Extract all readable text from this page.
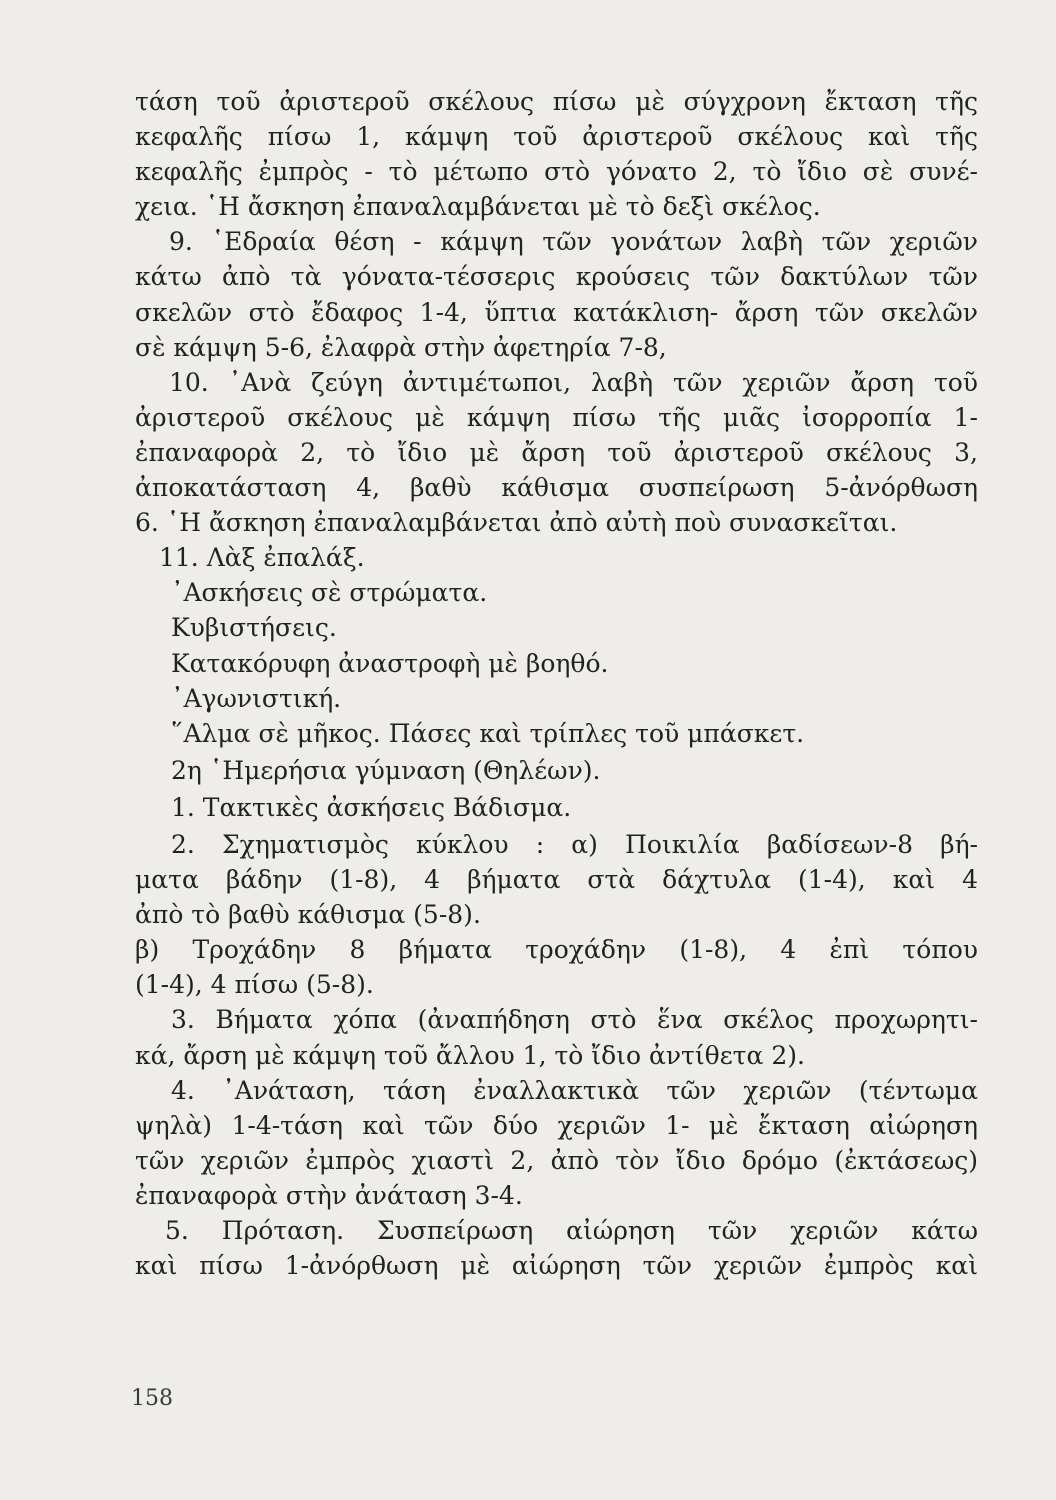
τάση τοῦ ἀριστεροῦ σκέλους πίσω μὲ σύγχρονη ἔκταση τῆς
κεφαλῆς πίσω 1, κάμψη τοῦ ἀριστεροῦ σκέλους καὶ τῆς
κεφαλῆς ἐμπρὸς - τὸ μέτωπο στὸ γόνατο 2, τὸ ἴδιο σὲ συνέ-
χεια. ῾Η ἄσκηση ἐπαναλαμβάνεται μὲ τὸ δεξὶ σκέλος.
9. ῾Εδραία θέση - κάμψη τῶν γονάτων λαβὴ τῶν χεριῶν
κάτω ἀπὸ τὰ γόνατα-τέσσερις κρούσεις τῶν δακτύλων τῶν
σκελῶν στὸ ἔδαφος 1-4, ὕπτια κατάκλιση- ἄρση τῶν σκελῶν
σὲ κάμψη 5-6, ἐλαφρὰ στὴν ἀφετηρία 7-8,
10. ᾿Ανὰ ζεύγη ἀντιμέτωποι, λαβὴ τῶν χεριῶν ἄρση τοῦ
ἀριστεροῦ σκέλους μὲ κάμψη πίσω τῆς μιᾶς ἰσορροπία 1-
ἐπαναφορὰ 2, τὸ ἴδιο μὲ ἄρση τοῦ ἀριστεροῦ σκέλους 3,
ἀποκατάσταση 4, βαθὺ κάθισμα συσπείρωση 5-ἀνόρθωση
6. ῾Η ἄσκηση ἐπαναλαμβάνεται ἀπὸ αὐτὴ ποὺ συνασκεῖται.
11. Λὰξ ἐπαλάξ.
᾿Ασκήσεις σὲ στρώματα.
Κυβιστήσεις.
Κατακόρυφη ἀναστροφὴ μὲ βοηθό.
᾿Αγωνιστική.
῞Αλμα σὲ μῆκος. Πάσες καὶ τρίπλες τοῦ μπάσκετ.
2η ῾Ημερήσια γύμναση (Θηλέων).
1. Τακτικὲς ἀσκήσεις Βάδισμα.
2. Σχηματισμὸς κύκλου : α) Ποικιλία βαδίσεων-8 βή-
ματα βάδην (1-8), 4 βήματα στὰ δάχτυλα (1-4), καὶ 4
ἀπὸ τὸ βαθὺ κάθισμα (5-8).
β) Τροχάδην 8 βήματα τροχάδην (1-8), 4 ἐπὶ τόπου
(1-4), 4 πίσω (5-8).
3. Βήματα χόπα (ἀναπήδηση στὸ ἕνα σκέλος προχωρητι-
κά, ἄρση μὲ κάμψη τοῦ ἄλλου 1, τὸ ἴδιο ἀντίθετα 2).
4. ᾿Ανάταση, τάση ἐναλλακτικὰ τῶν χεριῶν (τέντωμα
ψηλὰ) 1-4-τάση καὶ τῶν δύο χεριῶν 1- μὲ ἔκταση αἰώρηση
τῶν χεριῶν ἐμπρὸς χιαστὶ 2, ἀπὸ τὸν ἴδιο δρόμο (ἐκτάσεως)
ἐπαναφορὰ στὴν ἀνάταση 3-4.
5. Πρόταση. Συσπείρωση αἰώρηση τῶν χεριῶν κάτω
καὶ πίσω 1-ἀνόρθωση μὲ αἰώρηση τῶν χεριῶν ἐμπρὸς καὶ
158
